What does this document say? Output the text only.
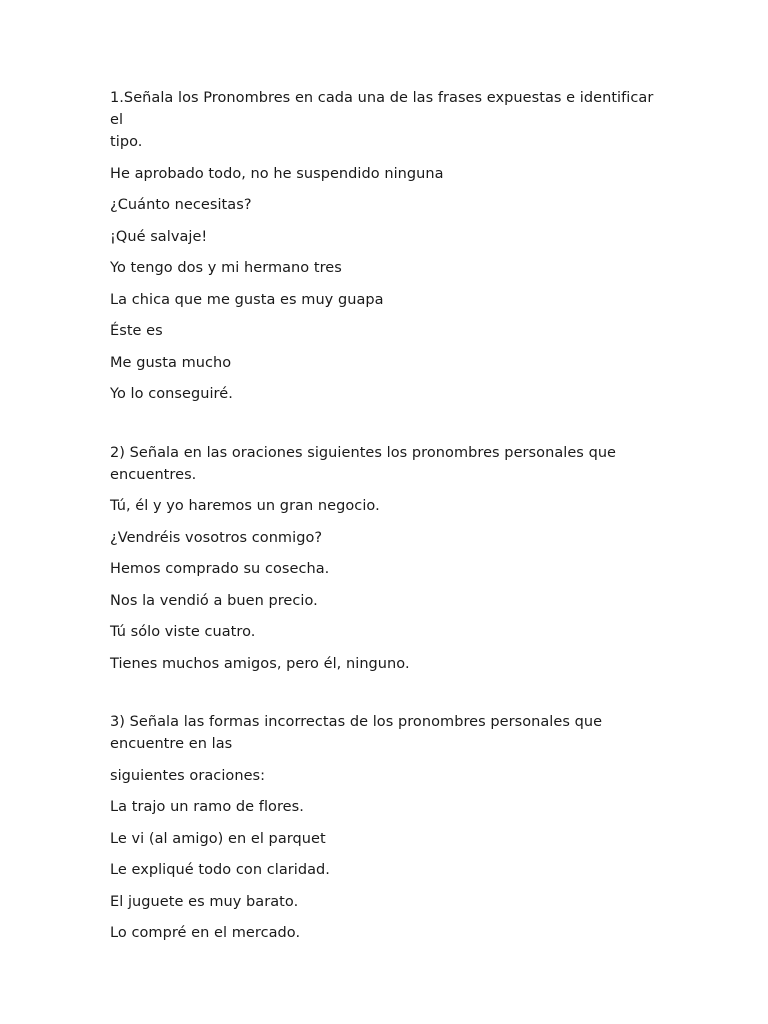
1.Señala los Pronombres en cada una de las frases expuestas e identificar el

tipo.

He aprobado todo, no he suspendido ninguna

¿Cuánto necesitas?

¡Qué salvaje!

Yo tengo dos y mi hermano tres

La chica que me gusta es muy guapa

Éste es

Me gusta mucho

Yo lo conseguiré.

2) Señala en las oraciones siguientes los pronombres personales que

encuentres.

Tú, él y yo haremos un gran negocio.

¿Vendréis vosotros conmigo?

Hemos comprado su cosecha.

Nos la vendió a buen precio.

Tú sólo viste cuatro.

Tienes muchos amigos, pero él, ninguno.

3) Señala las formas incorrectas de los pronombres personales que

encuentre en las

siguientes oraciones:

La trajo un ramo de flores.

Le vi (al amigo) en el parquet

Le expliqué todo con claridad.

El juguete es muy barato.

Lo compré en el mercado.
